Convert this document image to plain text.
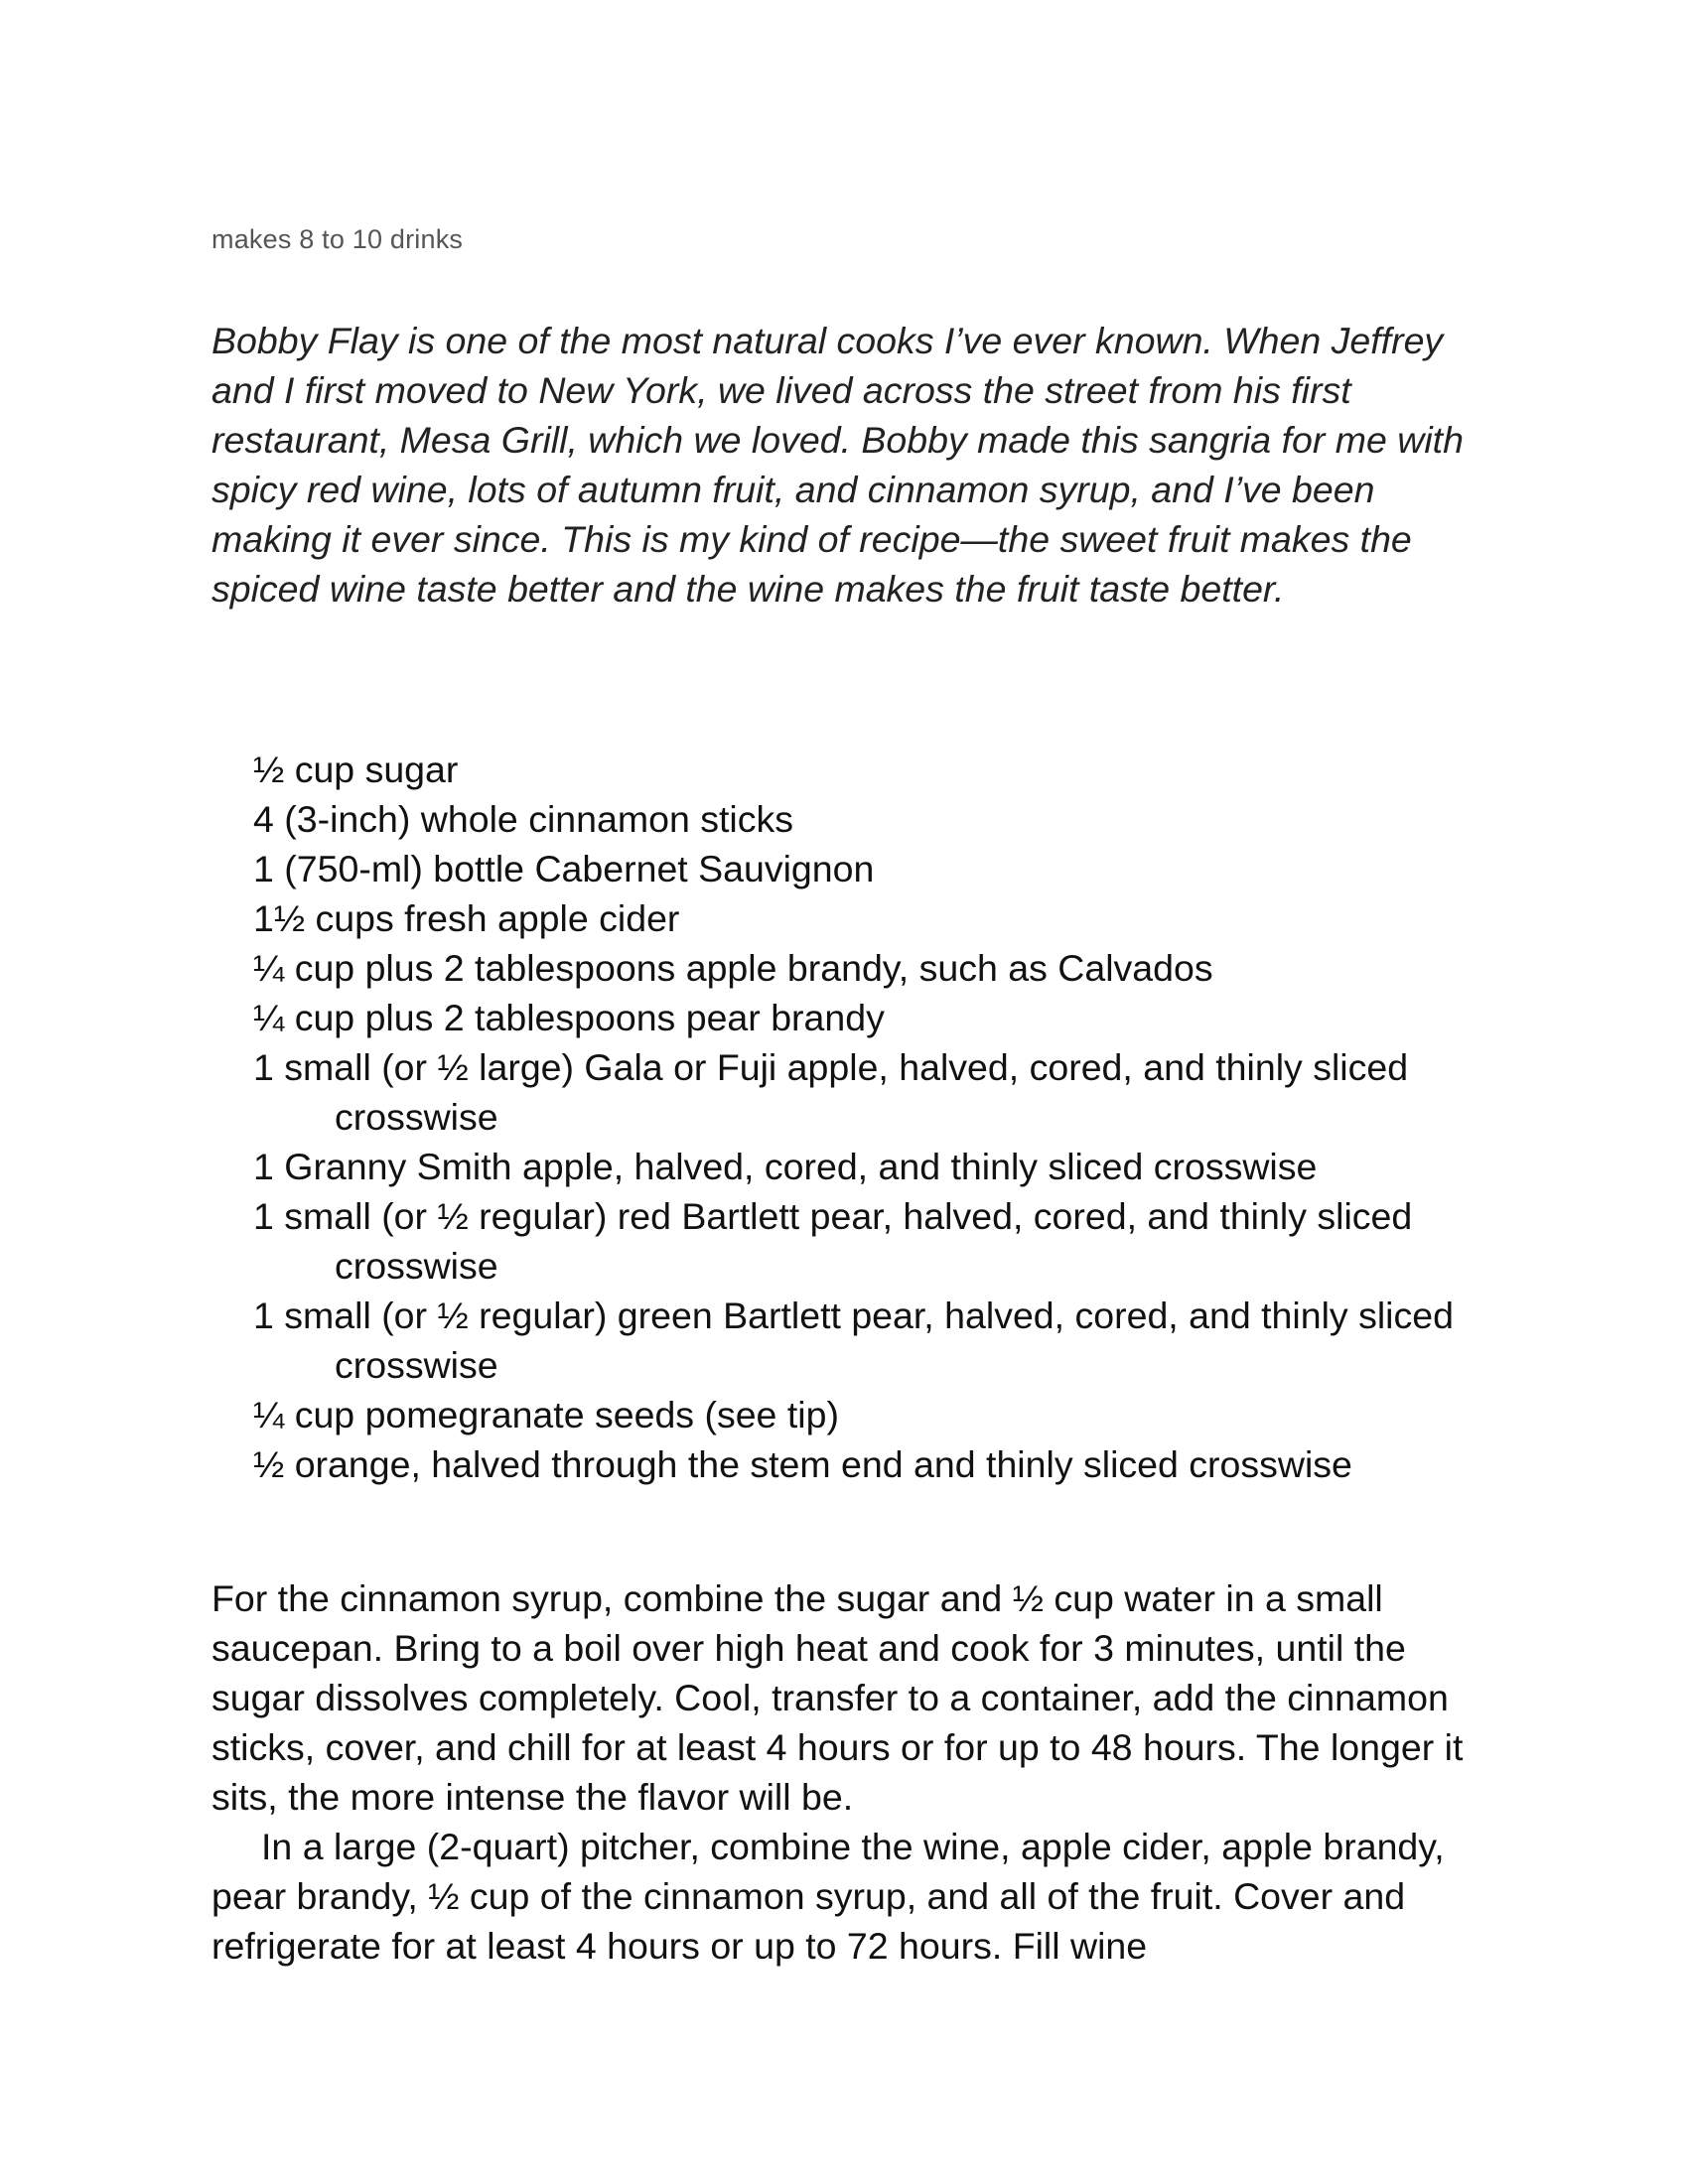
makes 8 to 10 drinks

Bobby Flay is one of the most natural cooks I’ve ever known. When Jeffrey and I first moved to New York, we lived across the street from his first restaurant, Mesa Grill, which we loved. Bobby made this sangria for me with spicy red wine, lots of autumn fruit, and cinnamon syrup, and I’ve been making it ever since. This is my kind of recipe—the sweet fruit makes the spiced wine taste better and the wine makes the fruit taste better.

½ cup sugar
4 (3-inch) whole cinnamon sticks
1 (750-ml) bottle Cabernet Sauvignon
1½ cups fresh apple cider
¼ cup plus 2 tablespoons apple brandy, such as Calvados
¼ cup plus 2 tablespoons pear brandy
1 small (or ½ large) Gala or Fuji apple, halved, cored, and thinly sliced crosswise
1 Granny Smith apple, halved, cored, and thinly sliced crosswise
1 small (or ½ regular) red Bartlett pear, halved, cored, and thinly sliced crosswise
1 small (or ½ regular) green Bartlett pear, halved, cored, and thinly sliced crosswise
¼ cup pomegranate seeds (see tip)
½ orange, halved through the stem end and thinly sliced crosswise

For the cinnamon syrup, combine the sugar and ½ cup water in a small saucepan. Bring to a boil over high heat and cook for 3 minutes, until the sugar dissolves completely. Cool, transfer to a container, add the cinnamon sticks, cover, and chill for at least 4 hours or for up to 48 hours. The longer it sits, the more intense the flavor will be.

In a large (2-quart) pitcher, combine the wine, apple cider, apple brandy, pear brandy, ½ cup of the cinnamon syrup, and all of the fruit. Cover and refrigerate for at least 4 hours or up to 72 hours. Fill wine
